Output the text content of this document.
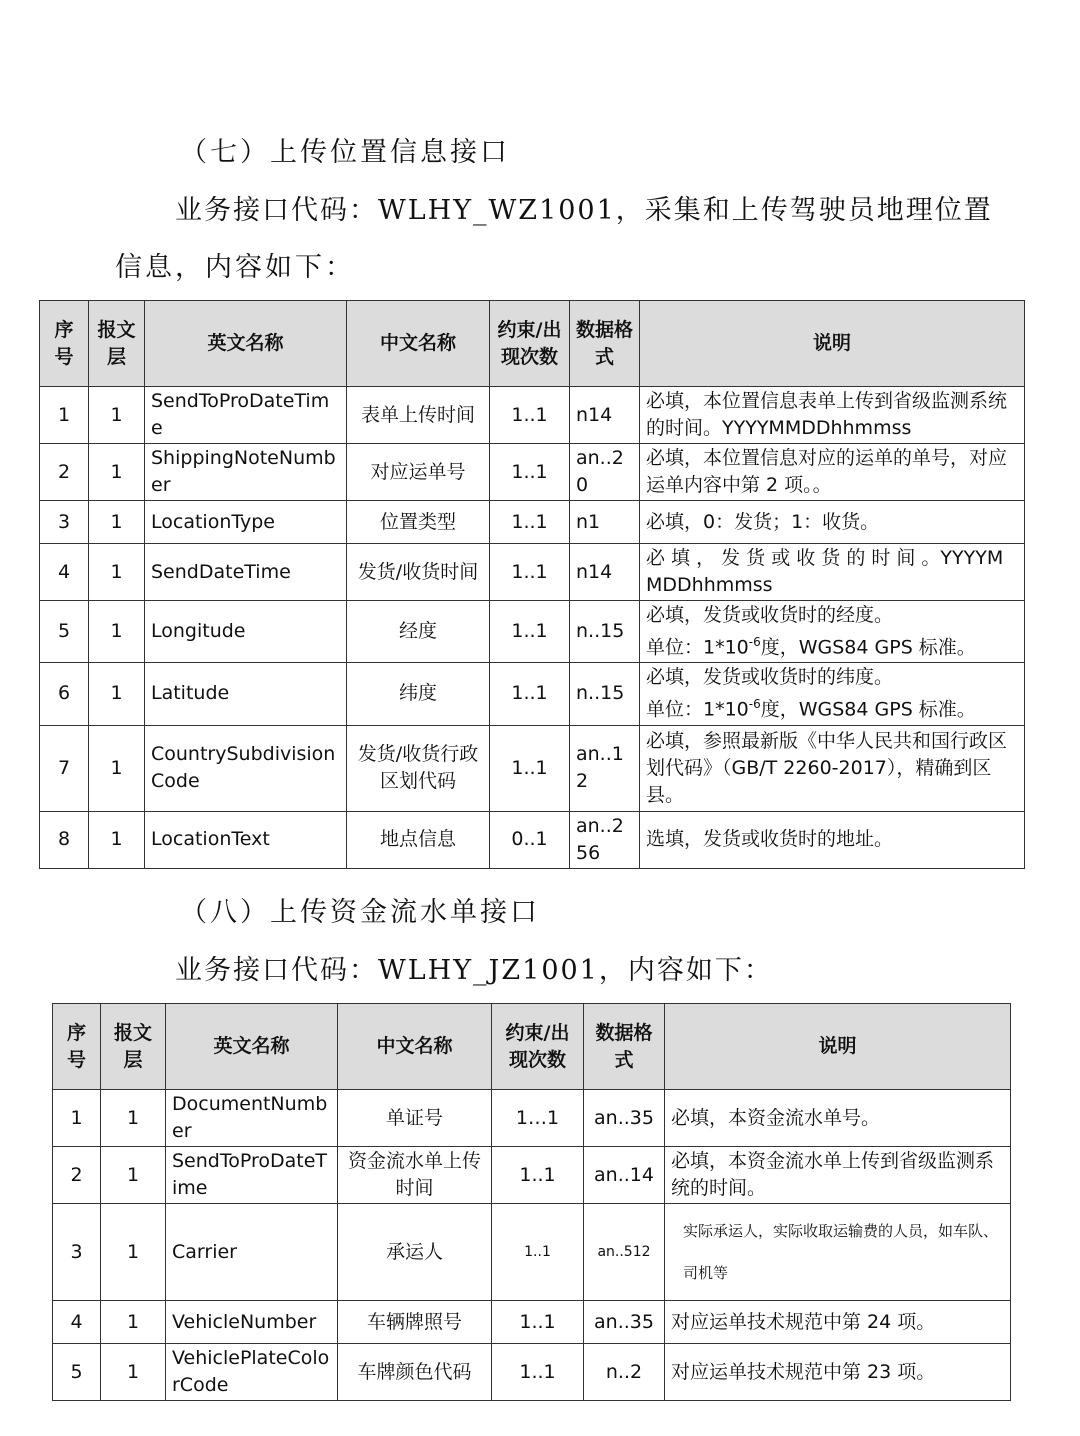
（七）上传位置信息接口
业务接口代码：WLHY_WZ1001，采集和上传驾驶员地理位置
信息，内容如下：
序号	报文层	英文名称	中文名称	约束/出现次数	数据格式	说明
1	1	SendToProDateTime	表单上传时间	1..1	n14	必填，本位置信息表单上传到省级监测系统的时间。YYYYMMDDhhmmss
2	1	ShippingNoteNumber	对应运单号	1..1	an..20	必填，本位置信息对应的运单的单号，对应运单内容中第 2 项。。
3	1	LocationType	位置类型	1..1	n1	必填，0：发货；1：收货。
4	1	SendDateTime	发货/收货时间	1..1	n14	必 填 ， 发 货 或 收 货 的 时 间 。YYYYMMDDhhmmss
5	1	Longitude	经度	1..1	n..15	必填，发货或收货时的经度。
单位：$1*10^{-6}$度，WGS84 GPS 标准。

6	1	Latitude	纬度	1..1	n..15	必填，发货或收货时的纬度。
单位：$1*10^{-6}$度，WGS84 GPS 标准。

7	1	CountrySubdivisionCode	发货/收货行政区划代码	1..1	an..12	必填，参照最新版《中华人民共和国行政区划代码》（GB/T 2260-2017），精确到区县。
8	1	LocationText	地点信息	0..1	an..256	选填，发货或收货时的地址。
（八）上传资金流水单接口
业务接口代码：WLHY_JZ1001，内容如下：
序号	报文层	英文名称	中文名称	约束/出现次数	数据格式	说明
1	1	DocumentNumber	单证号	1…1	an..35	必填，本资金流水单号。
2	1	SendToProDateTime	资金流水单上传时间	1..1	an..14	必填，本资金流水单上传到省级监测系统的时间。
3	1	Carrier	承运人	1..1	an..512	实际承运人，实际收取运输费的人员，如车队、司机等
4	1	VehicleNumber	车辆牌照号	1..1	an..35	对应运单技术规范中第 24 项。
5	1	VehiclePlateColorCode	车牌颜色代码	1..1	n..2	对应运单技术规范中第 23 项。
